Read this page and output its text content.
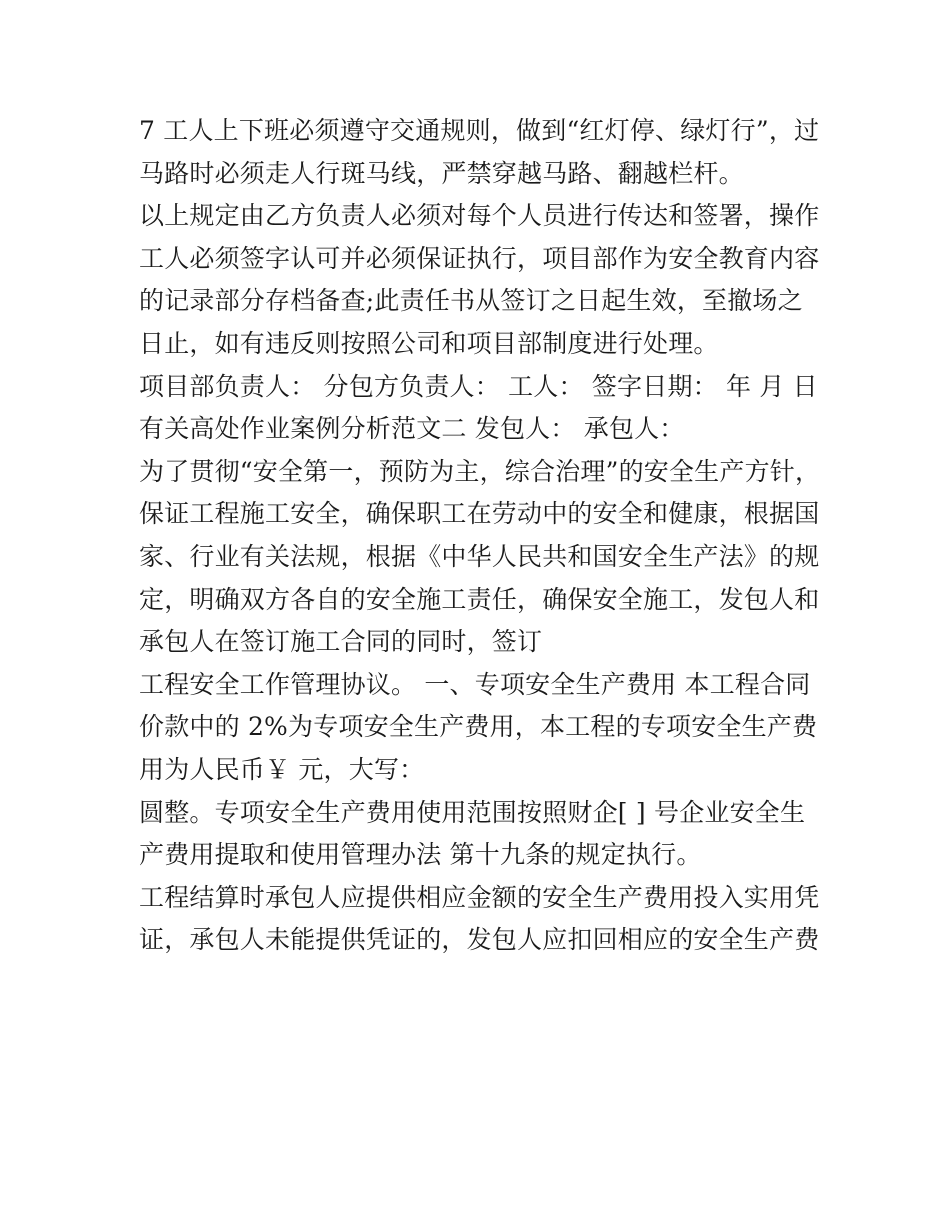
7 工人上下班必须遵守交通规则，做到“红灯停、绿灯行”，过
马路时必须走人行斑马线，严禁穿越马路、翻越栏杆。
以上规定由乙方负责人必须对每个人员进行传达和签署，操作
工人必须签字认可并必须保证执行，项目部作为安全教育内容
的记录部分存档备查;此责任书从签订之日起生效，至撤场之
日止，如有违反则按照公司和项目部制度进行处理。
项目部负责人： 分包方负责人： 工人： 签字日期： 年 月 日
有关高处作业案例分析范文二 发包人： 承包人：
为了贯彻“安全第一，预防为主，综合治理”的安全生产方针，
保证工程施工安全，确保职工在劳动中的安全和健康，根据国
家、行业有关法规，根据《中华人民共和国安全生产法》的规
定，明确双方各自的安全施工责任，确保安全施工，发包人和
承包人在签订施工合同的同时，签订
工程安全工作管理协议。 一、专项安全生产费用 本工程合同
价款中的 2%为专项安全生产费用，本工程的专项安全生产费
用为人民币￥ 元，大写：
圆整。专项安全生产费用使用范围按照财企[ ] 号企业安全生
产费用提取和使用管理办法 第十九条的规定执行。
工程结算时承包人应提供相应金额的安全生产费用投入实用凭
证，承包人未能提供凭证的，发包人应扣回相应的安全生产费
